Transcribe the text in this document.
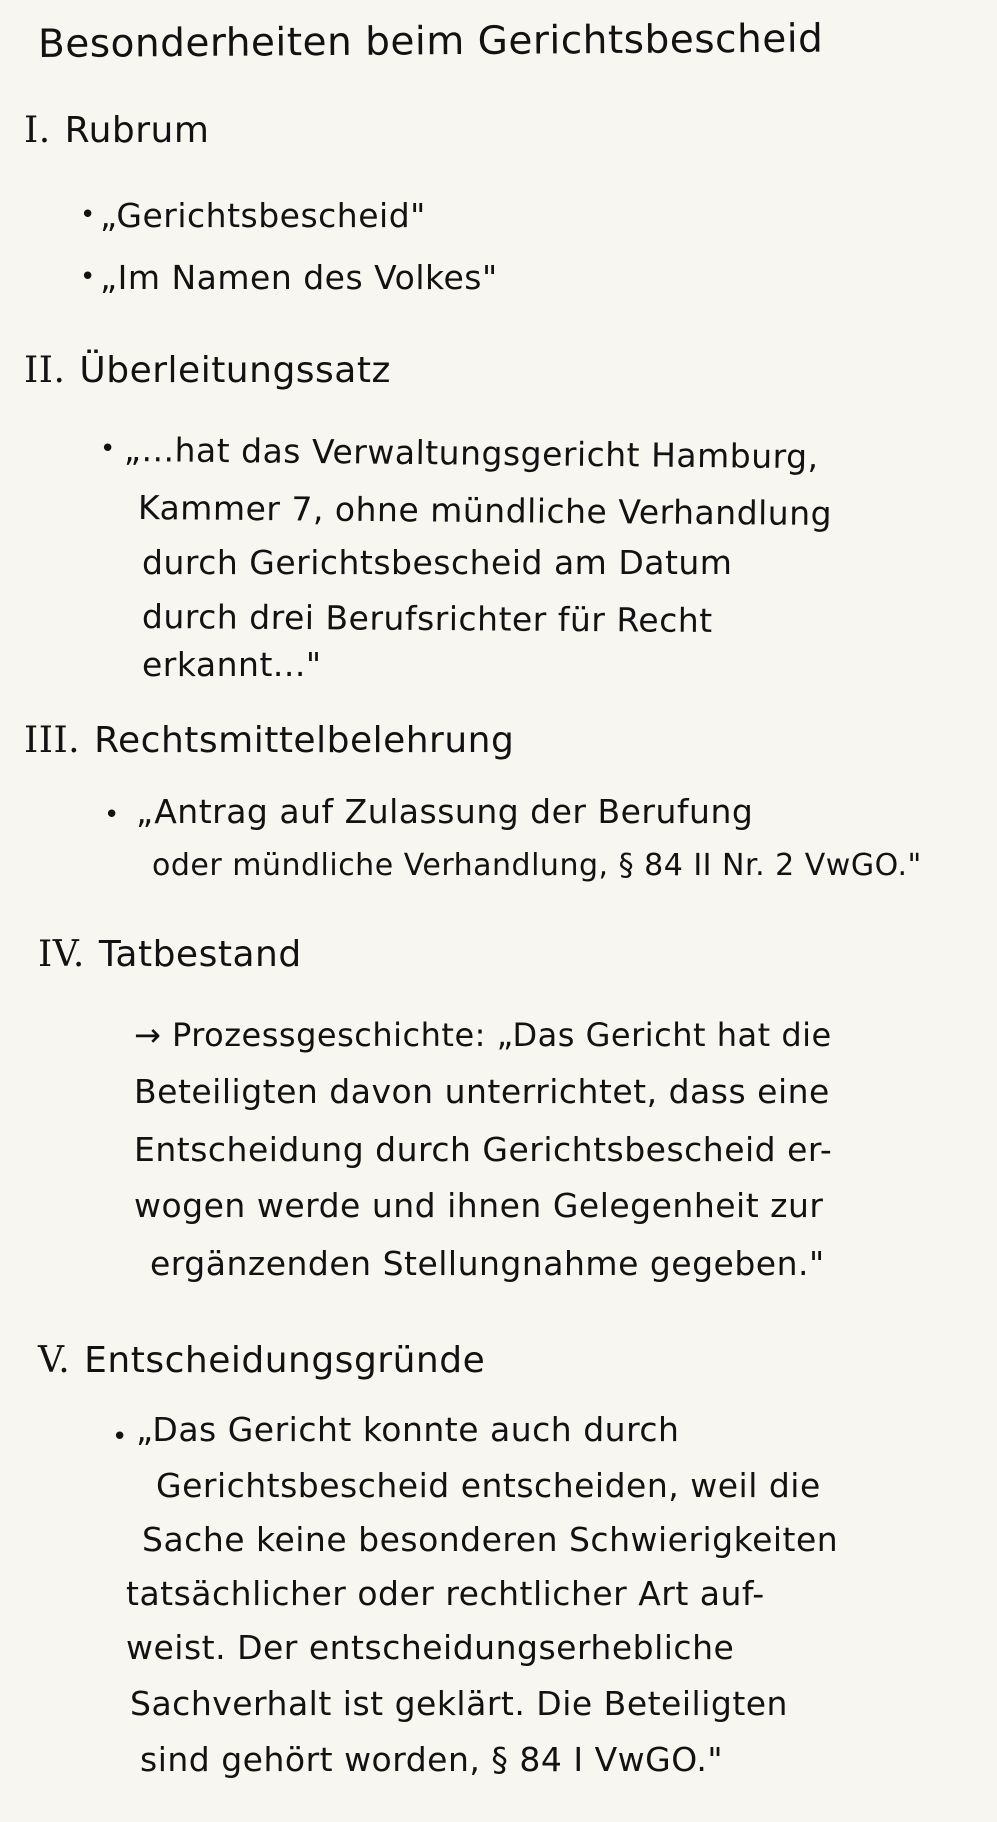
Besonderheiten beim Gerichtsbescheid
I. Rubrum
• „Gerichtsbescheid"
• „Im Namen des Volkes"
II. Überleitungssatz
• „...hat das Verwaltungsgericht Hamburg,
Kammer 7, ohne mündliche Verhandlung
durch Gerichtsbescheid am Datum
durch drei Berufsrichter für Recht
erkannt..."
III. Rechtsmittelbelehrung
• „Antrag auf Zulassung der Berufung
oder mündliche Verhandlung, § 84 II Nr. 2 VwGO."
IV. Tatbestand
→ Prozessgeschichte: „Das Gericht hat die
Beteiligten davon unterrichtet, dass eine
Entscheidung durch Gerichtsbescheid er-
wogen werde und ihnen Gelegenheit zur
ergänzenden Stellungnahme gegeben."
V. Entscheidungsgründe
• „Das Gericht konnte auch durch
Gerichtsbescheid entscheiden, weil die
Sache keine besonderen Schwierigkeiten
tatsächlicher oder rechtlicher Art auf-
weist. Der entscheidungserhebliche
Sachverhalt ist geklärt. Die Beteiligten
sind gehört worden, § 84 I VwGO."
